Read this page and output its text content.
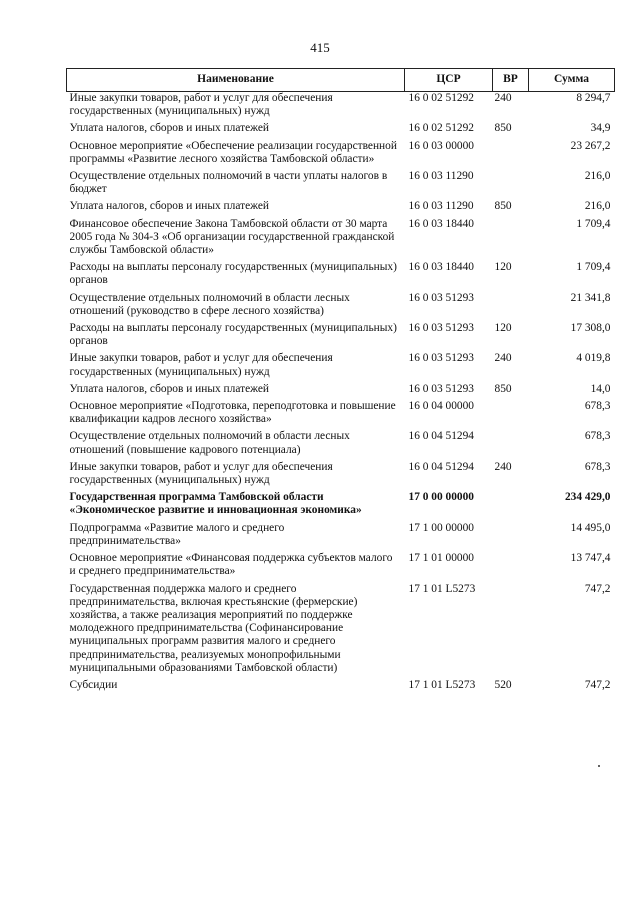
415
Наименование	ЦСР	ВР	Сумма
Иные закупки товаров, работ и услуг для обеспечения государственных (муниципальных) нужд	16 0 02 51292	240	8 294,7
Уплата налогов, сборов и иных платежей	16 0 02 51292	850	34,9
Основное мероприятие «Обеспечение реализации государственной программы «Развитие лесного хозяйства Тамбовской области»	16 0 03 00000		23 267,2
Осуществление отдельных полномочий в части уплаты налогов в бюджет	16 0 03 11290		216,0
Уплата налогов, сборов и иных платежей	16 0 03 11290	850	216,0
Финансовое обеспечение Закона Тамбовской области от 30 марта 2005 года № 304-З «Об организации государственной гражданской службы Тамбовской области»	16 0 03 18440		1 709,4
Расходы на выплаты персоналу государственных (муниципальных) органов	16 0 03 18440	120	1 709,4
Осуществление отдельных полномочий в области лесных отношений (руководство в сфере лесного хозяйства)	16 0 03 51293		21 341,8
Расходы на выплаты персоналу государственных (муниципальных) органов	16 0 03 51293	120	17 308,0
Иные закупки товаров, работ и услуг для обеспечения государственных (муниципальных) нужд	16 0 03 51293	240	4 019,8
Уплата налогов, сборов и иных платежей	16 0 03 51293	850	14,0
Основное мероприятие «Подготовка, переподготовка и повышение квалификации кадров лесного хозяйства»	16 0 04 00000		678,3
Осуществление отдельных полномочий в области лесных отношений (повышение кадрового потенциала)	16 0 04 51294		678,3
Иные закупки товаров, работ и услуг для обеспечения государственных (муниципальных) нужд	16 0 04 51294	240	678,3
Государственная программа Тамбовской области «Экономическое развитие и инновационная экономика»	17 0 00 00000		234 429,0
Подпрограмма «Развитие малого и среднего предпринимательства»	17 1 00 00000		14 495,0
Основное мероприятие «Финансовая поддержка субъектов малого и среднего предпринимательства»	17 1 01 00000		13 747,4
Государственная поддержка малого и среднего предпринимательства, включая крестьянские (фермерские) хозяйства, а также реализация мероприятий по поддержке молодежного предпринимательства (Софинансирование муниципальных программ развития малого и среднего предпринимательства, реализуемых монопрофильными муниципальными образованиями Тамбовской области)	17 1 01 L5273		747,2
Субсидии	17 1 01 L5273	520	747,2
